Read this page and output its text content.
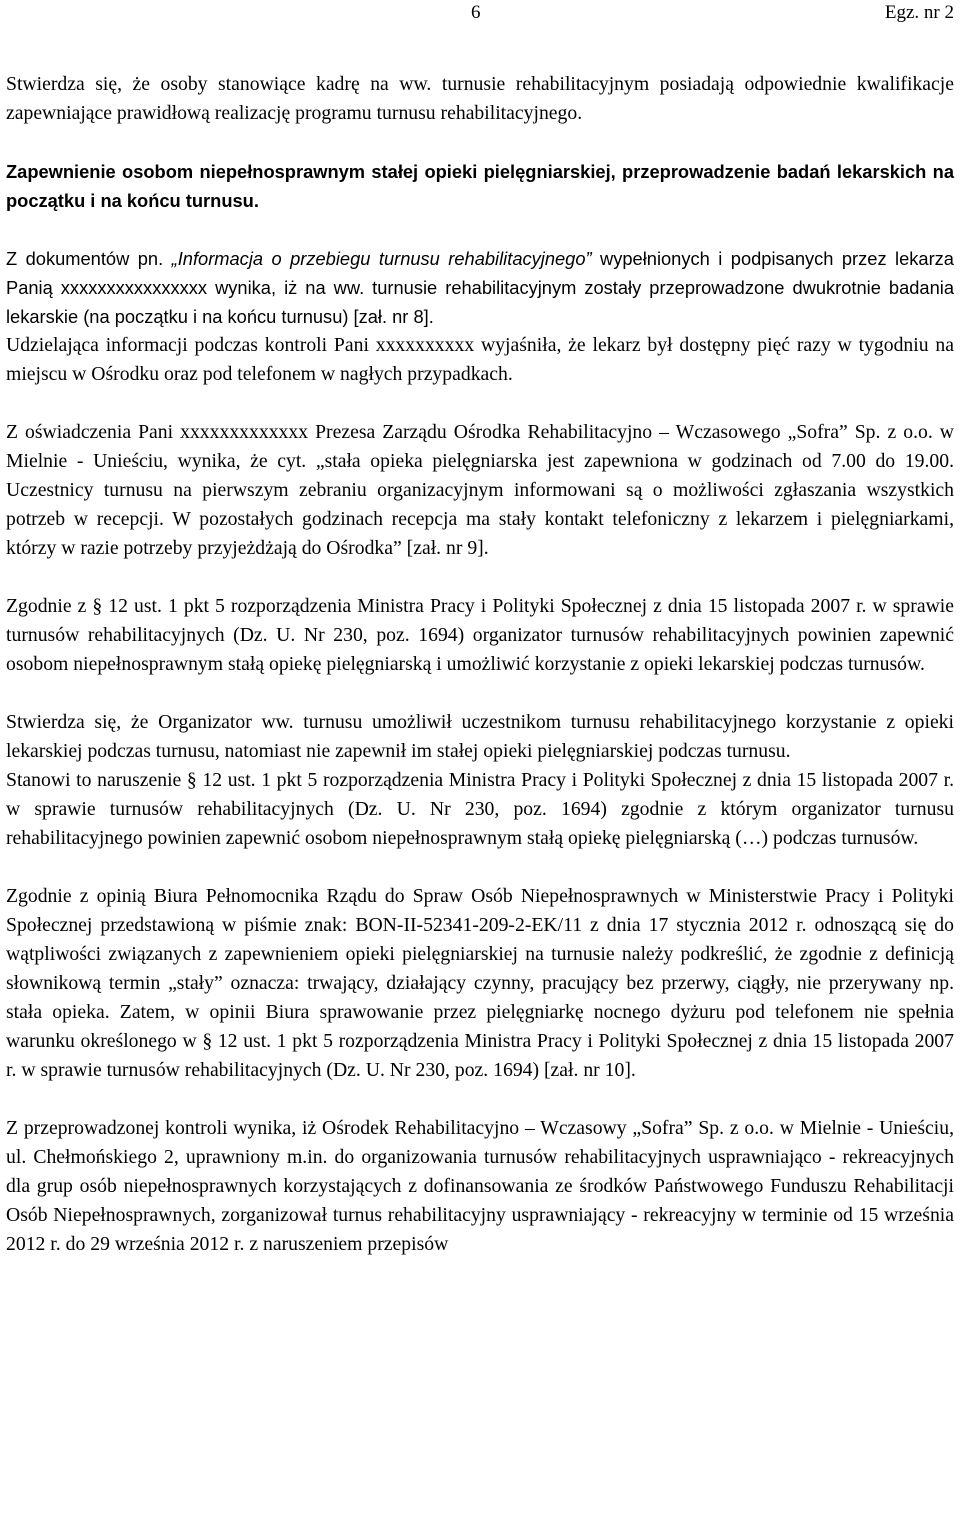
6	Egz. nr 2

Stwierdza się, że osoby stanowiące kadrę na ww. turnusie rehabilitacyjnym posiadają odpowiednie kwalifikacje zapewniające prawidłową realizację programu turnusu rehabilitacyjnego.

Zapewnienie osobom niepełnosprawnym stałej opieki pielęgniarskiej, przeprowadzenie badań lekarskich na początku i na końcu turnusu.

Z dokumentów pn. „Informacja o przebiegu turnusu rehabilitacyjnego” wypełnionych i podpisanych przez lekarza Panią xxxxxxxxxxxxxxxx wynika, iż na ww. turnusie rehabilitacyjnym zostały przeprowadzone dwukrotnie badania lekarskie (na początku i na końcu turnusu) [zał. nr 8].

Udzielająca informacji podczas kontroli Pani xxxxxxxxxx wyjaśniła, że lekarz był dostępny pięć razy w tygodniu na miejscu w Ośrodku oraz pod telefonem w nagłych przypadkach.

Z oświadczenia Pani xxxxxxxxxxxxx Prezesa Zarządu Ośrodka Rehabilitacyjno – Wczasowego „Sofra” Sp. z o.o. w Mielnie - Unieściu, wynika, że cyt. „stała opieka pielęgniarska jest zapewniona w godzinach od 7.00 do 19.00. Uczestnicy turnusu na pierwszym zebraniu organizacyjnym informowani są o możliwości zgłaszania wszystkich potrzeb w recepcji. W pozostałych godzinach recepcja ma stały kontakt telefoniczny z lekarzem i pielęgniarkami, którzy w razie potrzeby przyjeżdżają do Ośrodka” [zał. nr 9].

Zgodnie z § 12 ust. 1 pkt 5 rozporządzenia Ministra Pracy i Polityki Społecznej z dnia 15 listopada 2007 r. w sprawie turnusów rehabilitacyjnych (Dz. U. Nr 230, poz. 1694) organizator turnusów rehabilitacyjnych powinien zapewnić osobom niepełnosprawnym stałą opiekę pielęgniarską i umożliwić korzystanie z opieki lekarskiej podczas turnusów.

Stwierdza się, że Organizator ww. turnusu umożliwił uczestnikom turnusu rehabilitacyjnego korzystanie z opieki lekarskiej podczas turnusu, natomiast nie zapewnił im stałej opieki pielęgniarskiej podczas turnusu.

Stanowi to naruszenie § 12 ust. 1 pkt 5 rozporządzenia Ministra Pracy i Polityki Społecznej z dnia 15 listopada 2007 r. w sprawie turnusów rehabilitacyjnych (Dz. U. Nr 230, poz. 1694) zgodnie z którym organizator turnusu rehabilitacyjnego powinien zapewnić osobom niepełnosprawnym stałą opiekę pielęgniarską (…) podczas turnusów.

Zgodnie z opinią Biura Pełnomocnika Rządu do Spraw Osób Niepełnosprawnych w Ministerstwie Pracy i Polityki Społecznej przedstawioną w piśmie znak: BON-II-52341-209-2-EK/11 z dnia 17 stycznia 2012 r. odnoszącą się do wątpliwości związanych z zapewnieniem opieki pielęgniarskiej na turnusie należy podkreślić, że zgodnie z definicją słownikową termin „stały” oznacza: trwający, działający czynny, pracujący bez przerwy, ciągły, nie przerywany np. stała opieka. Zatem, w opinii Biura sprawowanie przez pielęgniarkę nocnego dyżuru pod telefonem nie spełnia warunku określonego w § 12 ust. 1 pkt 5 rozporządzenia Ministra Pracy i Polityki Społecznej z dnia 15 listopada 2007 r. w sprawie turnusów rehabilitacyjnych (Dz. U. Nr 230, poz. 1694) [zał. nr 10].

Z przeprowadzonej kontroli wynika, iż Ośrodek Rehabilitacyjno – Wczasowy „Sofra” Sp. z o.o. w Mielnie - Unieściu, ul. Chełmońskiego 2, uprawniony m.in. do organizowania turnusów rehabilitacyjnych usprawniająco - rekreacyjnych dla grup osób niepełnosprawnych korzystających z dofinansowania ze środków Państwowego Funduszu Rehabilitacji Osób Niepełnosprawnych, zorganizował turnus rehabilitacyjny usprawniający - rekreacyjny w terminie od 15 września 2012 r. do 29 września 2012 r. z naruszeniem przepisów
